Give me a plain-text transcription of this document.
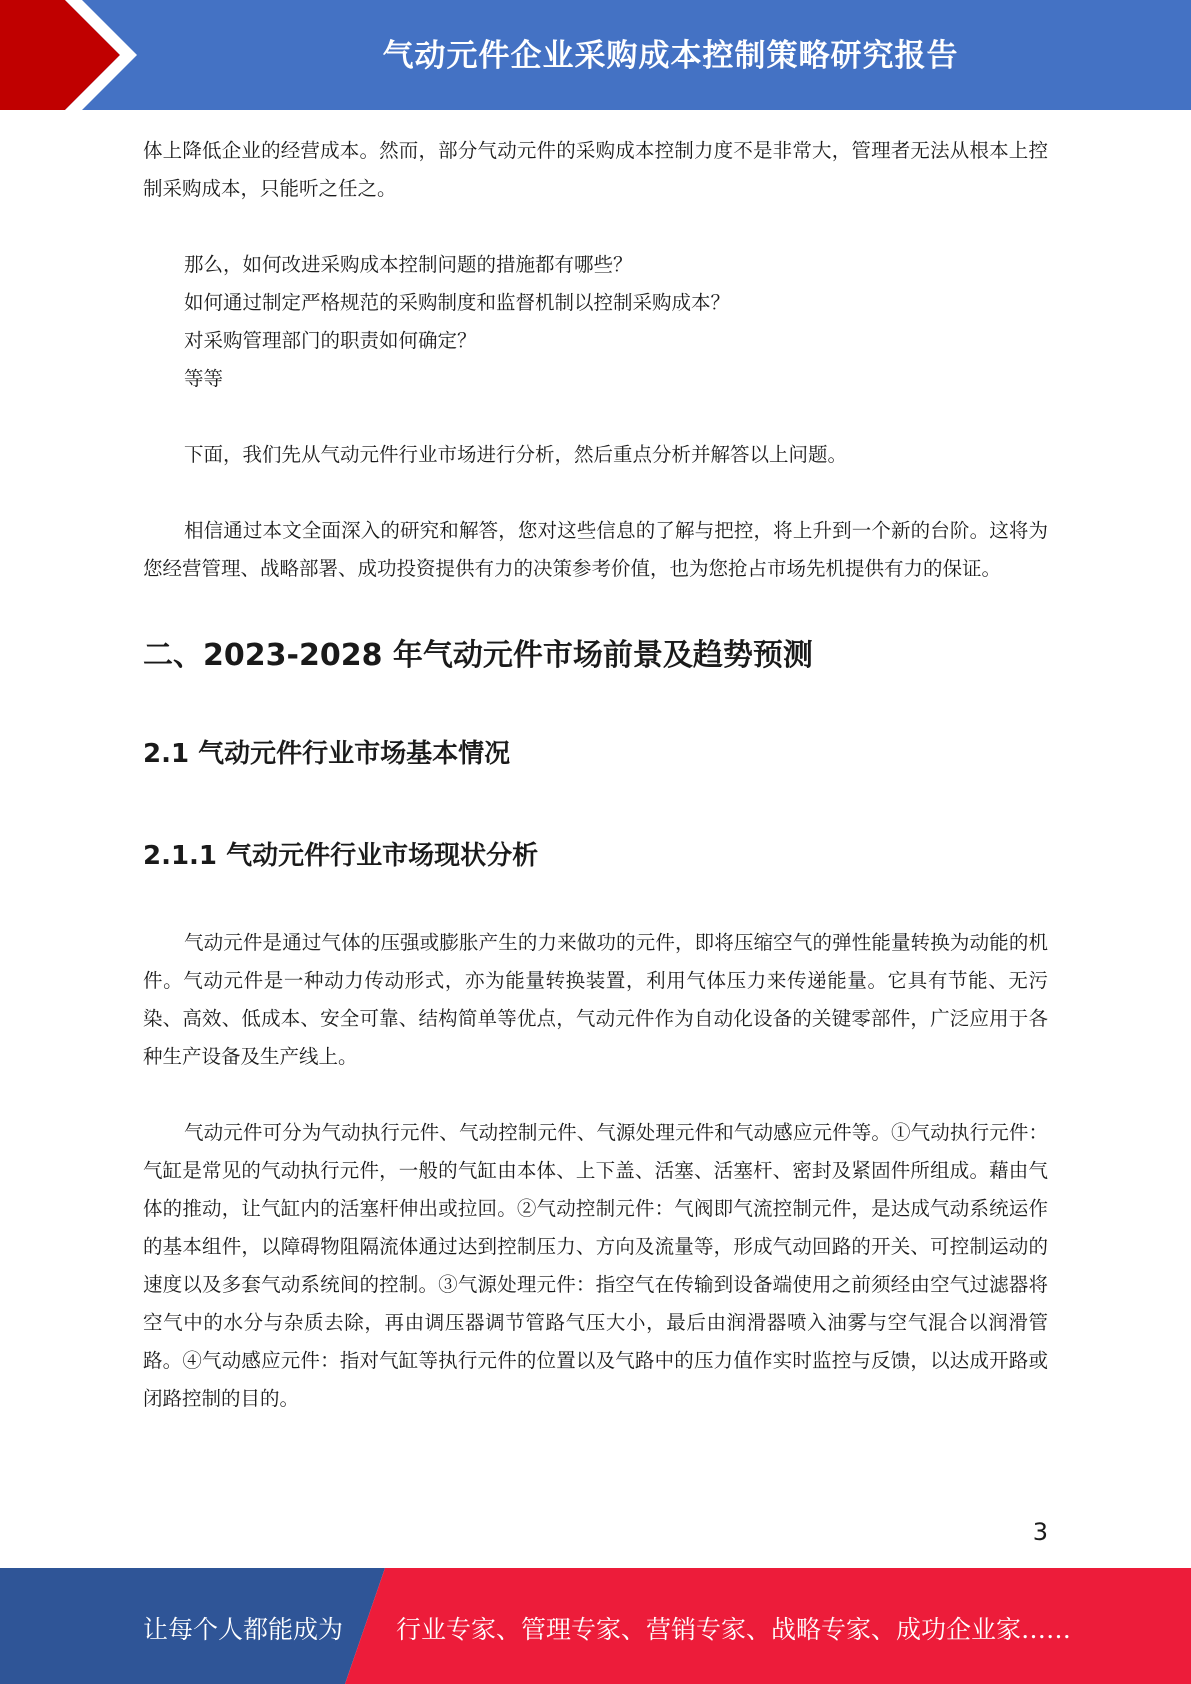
气动元件企业采购成本控制策略研究报告

体上降低企业的经营成本。然而，部分气动元件的采购成本控制力度不是非常大，管理者无法从根本上控制采购成本，只能听之任之。

那么，如何改进采购成本控制问题的措施都有哪些？

如何通过制定严格规范的采购制度和监督机制以控制采购成本？

对采购管理部门的职责如何确定？

等等

下面，我们先从气动元件行业市场进行分析，然后重点分析并解答以上问题。

相信通过本文全面深入的研究和解答，您对这些信息的了解与把控，将上升到一个新的台阶。这将为您经营管理、战略部署、成功投资提供有力的决策参考价值，也为您抢占市场先机提供有力的保证。

二、2023-2028 年气动元件市场前景及趋势预测
2.1 气动元件行业市场基本情况
2.1.1 气动元件行业市场现状分析

气动元件是通过气体的压强或膨胀产生的力来做功的元件，即将压缩空气的弹性能量转换为动能的机件。气动元件是一种动力传动形式，亦为能量转换装置，利用气体压力来传递能量。它具有节能、无污染、高效、低成本、安全可靠、结构简单等优点，气动元件作为自动化设备的关键零部件，广泛应用于各种生产设备及生产线上。

气动元件可分为气动执行元件、气动控制元件、气源处理元件和气动感应元件等。①气动执行元件：气缸是常见的气动执行元件，一般的气缸由本体、上下盖、活塞、活塞杆、密封及紧固件所组成。藉由气体的推动，让气缸内的活塞杆伸出或拉回。②气动控制元件：气阀即气流控制元件，是达成气动系统运作的基本组件，以障碍物阻隔流体通过达到控制压力、方向及流量等，形成气动回路的开关、可控制运动的速度以及多套气动系统间的控制。③气源处理元件：指空气在传输到设备端使用之前须经由空气过滤器将空气中的水分与杂质去除，再由调压器调节管路气压大小，最后由润滑器喷入油雾与空气混合以润滑管路。④气动感应元件：指对气缸等执行元件的位置以及气路中的压力值作实时监控与反馈，以达成开路或闭路控制的目的。

3
让每个人都能成为 行业专家、管理专家、营销专家、战略专家、成功企业家……
